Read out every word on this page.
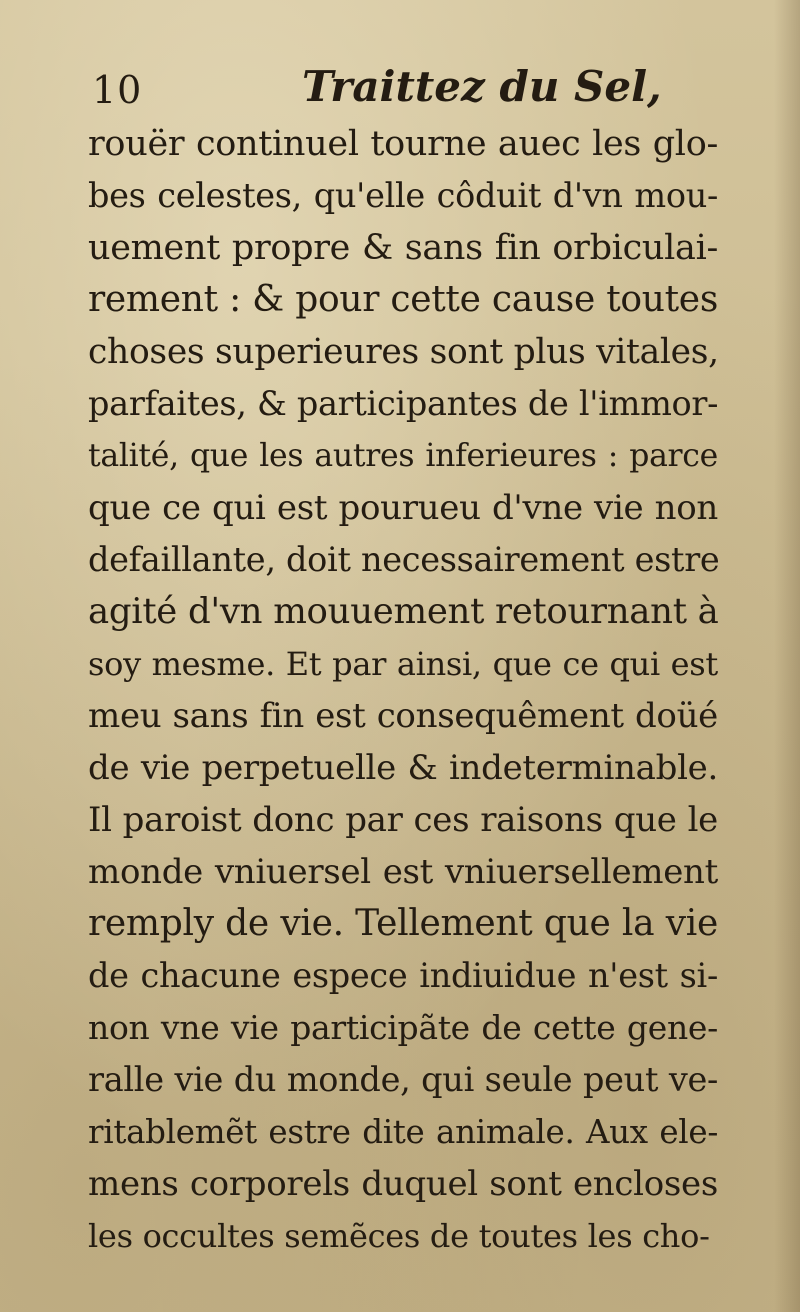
10	Traittez du Sel,
rouër continuel tourne auec les glo-
bes celestes, qu'elle côduit d'vn mou-
uement propre & sans fin orbiculai-
rement : & pour cette cause toutes
choses superieures sont plus vitales,
parfaites, & participantes de l'immor-
talité, que les autres inferieures : parce
que ce qui est pourueu d'vne vie non
defaillante, doit necessairement estre
agité d'vn mouuement retournant à
soy mesme. Et par ainsi, que ce qui est
meu sans fin est consequêment doüé
de vie perpetuelle & indeterminable.
Il paroist donc par ces raisons que le
monde vniuersel est vniuersellement
remply de vie. Tellement que la vie
de chacune espece indiuidue n'est si-
non vne vie participãte de cette gene-
ralle vie du monde, qui seule peut ve-
ritablemẽt estre dite animale. Aux ele-
mens corporels duquel sont encloses
les occultes semẽces de toutes les cho-
